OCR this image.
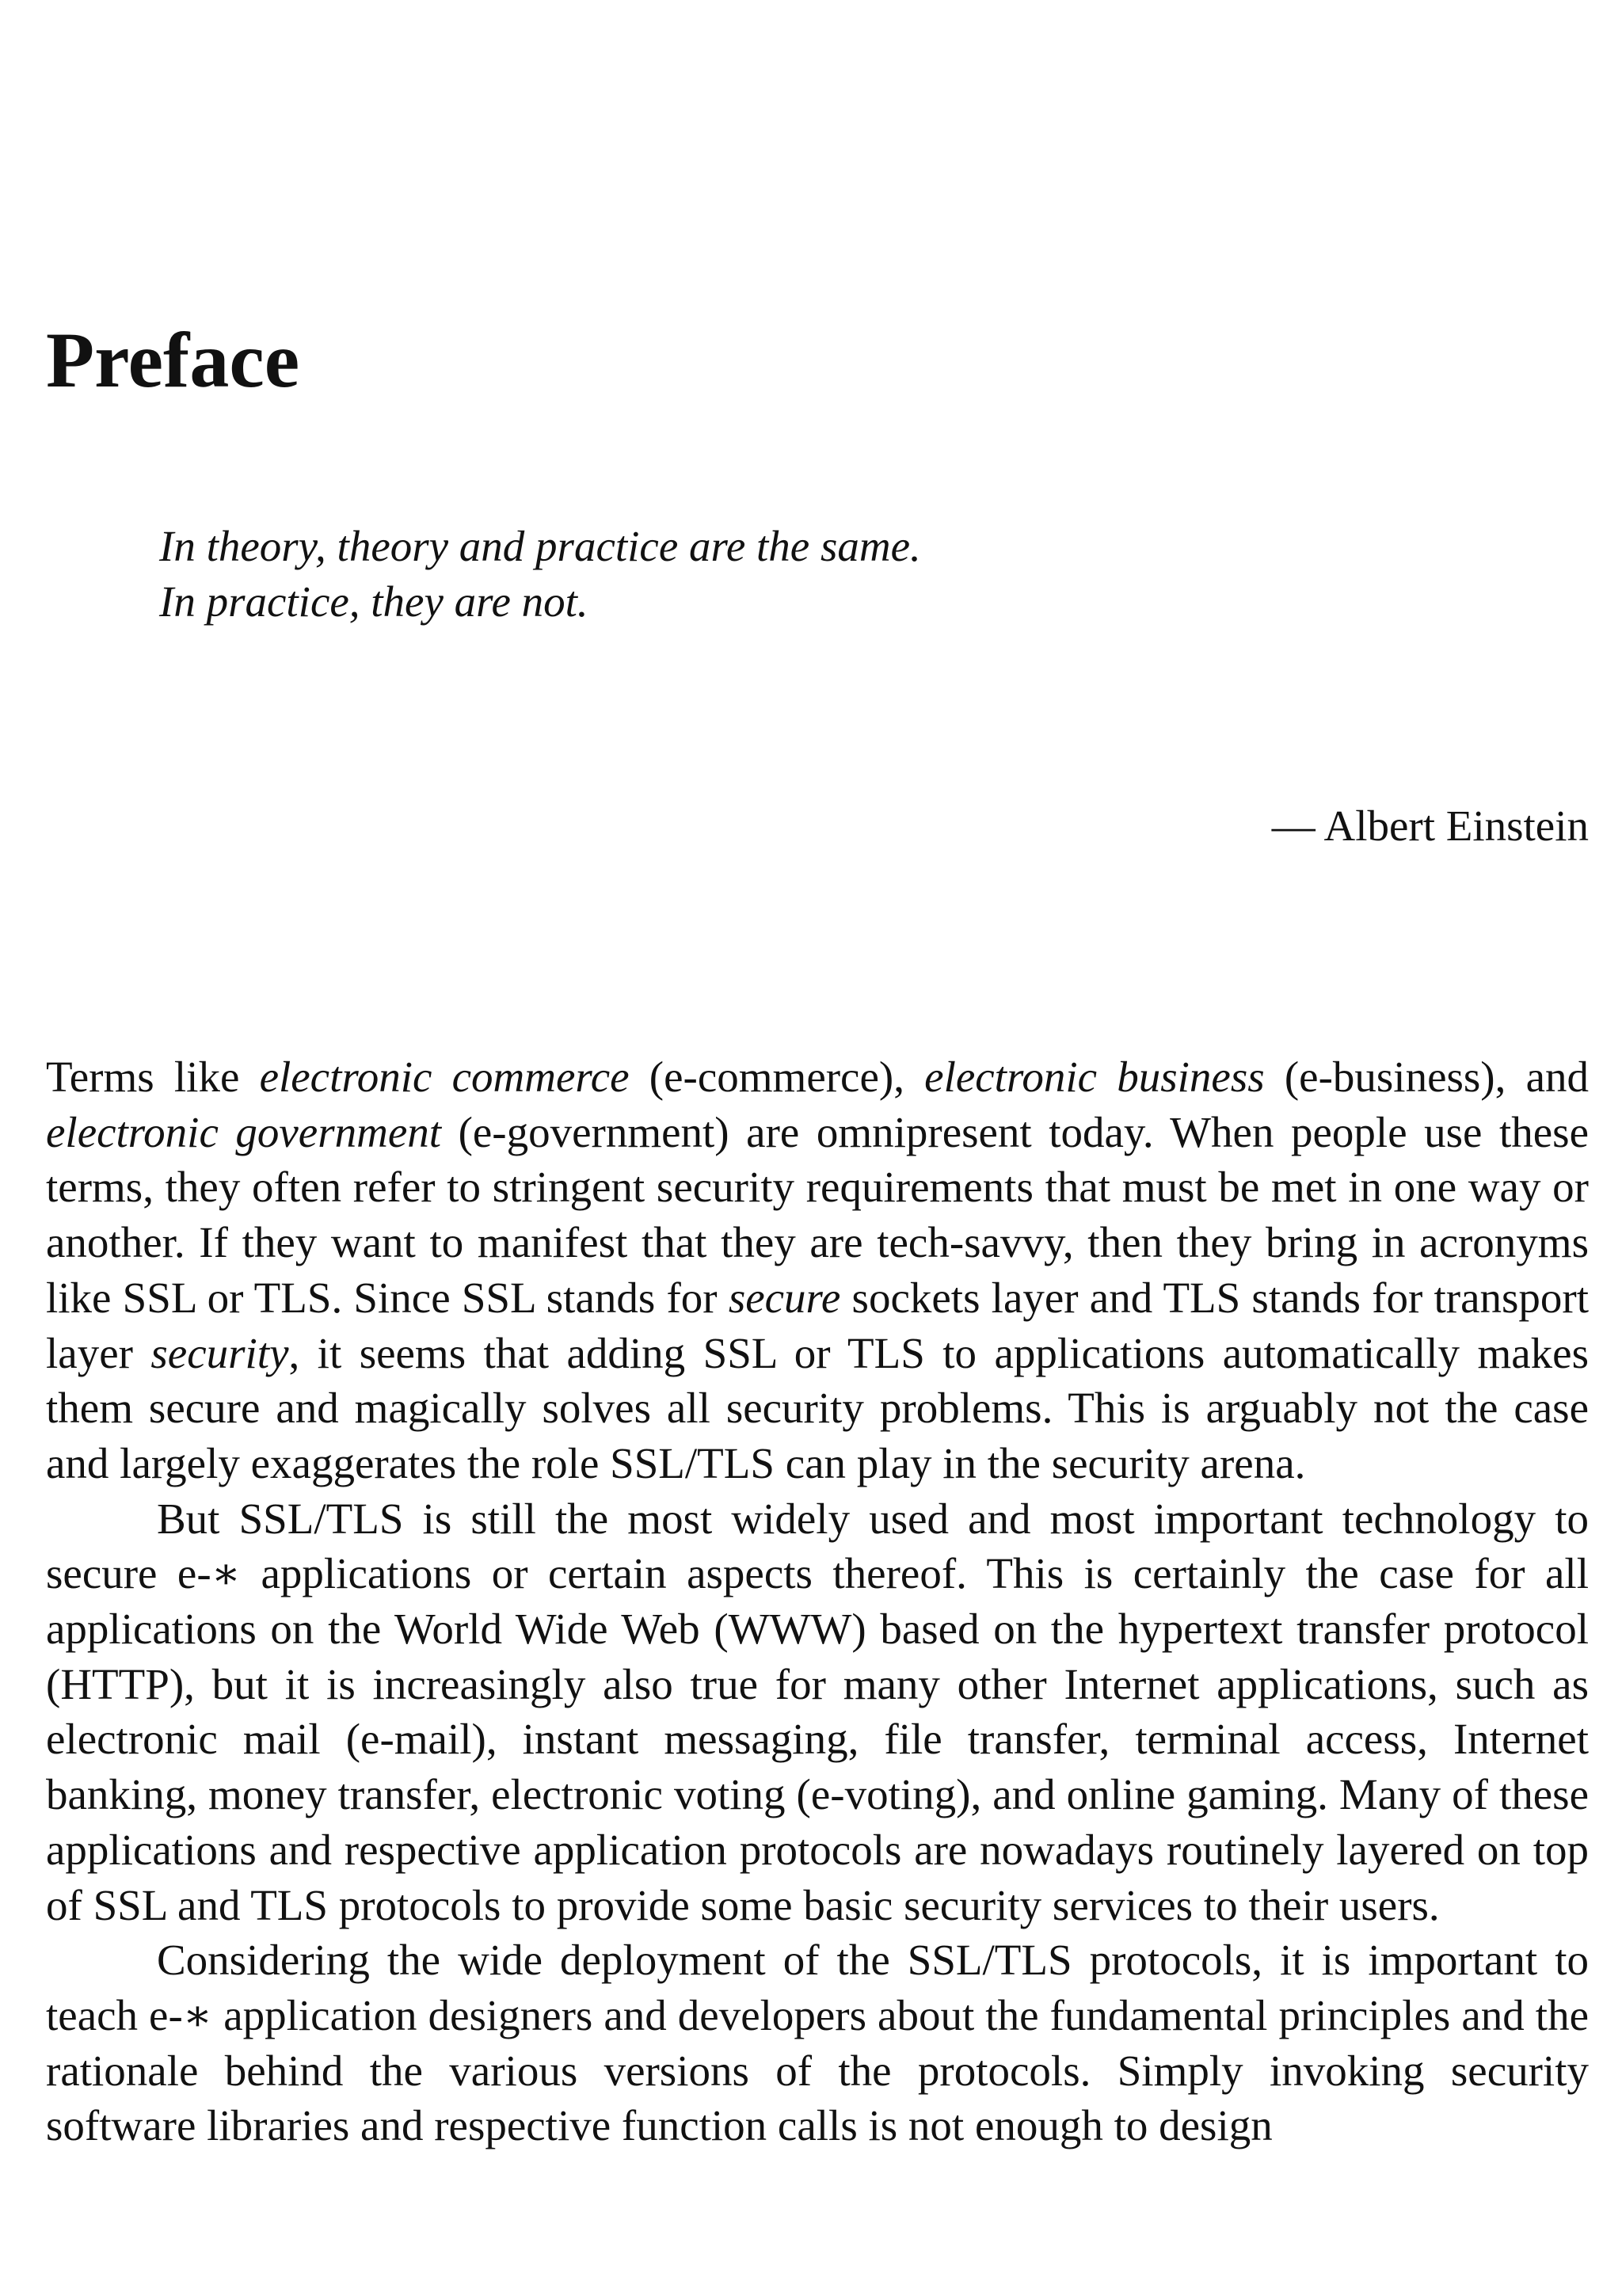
Preface
In theory, theory and practice are the same.
In practice, they are not.
— Albert Einstein

Terms like electronic commerce (e-commerce), electronic business (e-business), and electronic government (e-government) are omnipresent today. When people use these terms, they often refer to stringent security requirements that must be met in one way or another. If they want to manifest that they are tech-savvy, then they bring in acronyms like SSL or TLS. Since SSL stands for secure sockets layer and TLS stands for transport layer security, it seems that adding SSL or TLS to applications automatically makes them secure and magically solves all security problems. This is arguably not the case and largely exaggerates the role SSL/TLS can play in the security arena.

But SSL/TLS is still the most widely used and most important technology to secure e-∗ applications or certain aspects thereof. This is certainly the case for all applications on the World Wide Web (WWW) based on the hypertext transfer protocol (HTTP), but it is increasingly also true for many other Internet applications, such as electronic mail (e-mail), instant messaging, file transfer, terminal access, Internet banking, money transfer, electronic voting (e-voting), and online gaming. Many of these applications and respective application protocols are nowadays routinely layered on top of SSL and TLS protocols to provide some basic security services to their users.

Considering the wide deployment of the SSL/TLS protocols, it is important to teach e-∗ application designers and developers about the fundamental principles and the rationale behind the various versions of the protocols. Simply invoking security software libraries and respective function calls is not enough to design
